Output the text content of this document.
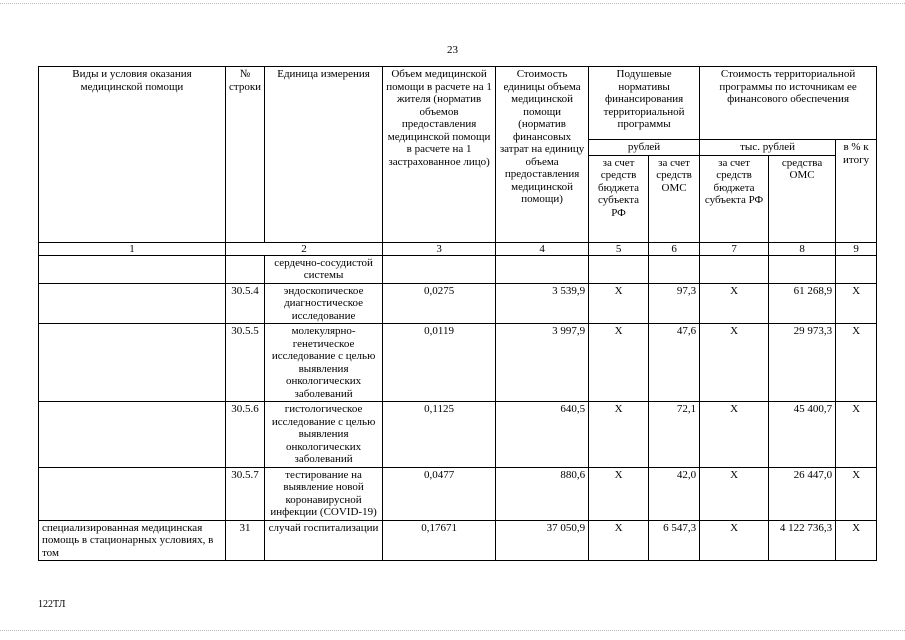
23
Виды и условия оказания медицинской помощи	№ строки	Единица измерения	Объем медицинской помощи в расчете на 1 жителя (норматив объемов предоставления медицинской помощи в расчете на 1 застрахованное лицо)	Стоимость единицы объема медицинской помощи (норматив финансовых затрат на единицу объема предоставления медицинской помощи)	Подушевые нормативы финансирования территориальной программы		Стоимость территориальной программы по источникам ее финансового обеспечения		
					рублей		тыс. рублей		в % к итогу
					за счет средств бюджета субъекта РФ	за счет средств ОМС	за счет средств бюджета субъекта РФ	средства ОМС	
1	2		3	4	5	6	7	8	9
		сердечно-сосудистой системы							
	30.5.4	эндоскопическое диагностическое исследование	0,0275	3 539,9	X	97,3	X	61 268,9	X
	30.5.5	молекулярно-генетическое исследование с целью выявления онкологических заболеваний	0,0119	3 997,9	X	47,6	X	29 973,3	X
	30.5.6	гистологическое исследование с целью выявления онкологических заболеваний	0,1125	640,5	X	72,1	X	45 400,7	X
	30.5.7	тестирование на выявление новой коронавирусной инфекции (COVID-19)	0,0477	880,6	X	42,0	X	26 447,0	X
специализированная медицинская помощь в стационарных условиях, в том	31	случай госпитализации	0,17671	37 050,9	X	6 547,3	X	4 122 736,3	X
122ТЛ
